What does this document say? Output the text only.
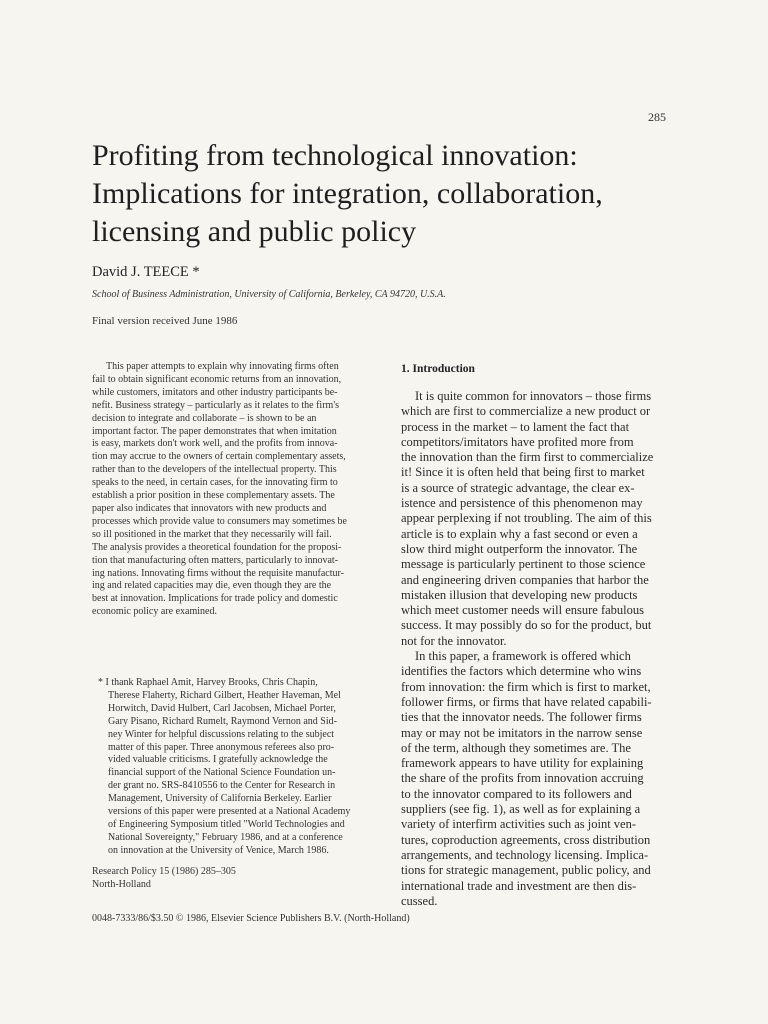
285
Profiting from technological innovation:
Implications for integration, collaboration,
licensing and public policy
David J. TEECE *
School of Business Administration, University of California, Berkeley, CA 94720, U.S.A.
Final version received June 1986
This paper attempts to explain why innovating firms often
fail to obtain significant economic returns from an innovation,
while customers, imitators and other industry participants be-
nefit. Business strategy – particularly as it relates to the firm's
decision to integrate and collaborate – is shown to be an
important factor. The paper demonstrates that when imitation
is easy, markets don't work well, and the profits from innova-
tion may accrue to the owners of certain complementary assets,
rather than to the developers of the intellectual property. This
speaks to the need, in certain cases, for the innovating firm to
establish a prior position in these complementary assets. The
paper also indicates that innovators with new products and
processes which provide value to consumers may sometimes be
so ill positioned in the market that they necessarily will fail.
The analysis provides a theoretical foundation for the proposi-
tion that manufacturing often matters, particularly to innovat-
ing nations. Innovating firms without the requisite manufactur-
ing and related capacities may die, even though they are the
best at innovation. Implications for trade policy and domestic
economic policy are examined.
* I thank Raphael Amit, Harvey Brooks, Chris Chapin,
Therese Flaherty, Richard Gilbert, Heather Haveman, Mel
Horwitch, David Hulbert, Carl Jacobsen, Michael Porter,
Gary Pisano, Richard Rumelt, Raymond Vernon and Sid-
ney Winter for helpful discussions relating to the subject
matter of this paper. Three anonymous referees also pro-
vided valuable criticisms. I gratefully acknowledge the
financial support of the National Science Foundation un-
der grant no. SRS-8410556 to the Center for Research in
Management, University of California Berkeley. Earlier
versions of this paper were presented at a National Academy
of Engineering Symposium titled "World Technologies and
National Sovereignty," February 1986, and at a conference
on innovation at the University of Venice, March 1986.
Research Policy 15 (1986) 285–305
North-Holland
0048-7333/86/$3.50 © 1986, Elsevier Science Publishers B.V. (North-Holland)
1. Introduction
It is quite common for innovators – those firms
which are first to commercialize a new product or
process in the market – to lament the fact that
competitors/imitators have profited more from
the innovation than the firm first to commercialize
it! Since it is often held that being first to market
is a source of strategic advantage, the clear ex-
istence and persistence of this phenomenon may
appear perplexing if not troubling. The aim of this
article is to explain why a fast second or even a
slow third might outperform the innovator. The
message is particularly pertinent to those science
and engineering driven companies that harbor the
mistaken illusion that developing new products
which meet customer needs will ensure fabulous
success. It may possibly do so for the product, but
not for the innovator.
In this paper, a framework is offered which
identifies the factors which determine who wins
from innovation: the firm which is first to market,
follower firms, or firms that have related capabili-
ties that the innovator needs. The follower firms
may or may not be imitators in the narrow sense
of the term, although they sometimes are. The
framework appears to have utility for explaining
the share of the profits from innovation accruing
to the innovator compared to its followers and
suppliers (see fig. 1), as well as for explaining a
variety of interfirm activities such as joint ven-
tures, coproduction agreements, cross distribution
arrangements, and technology licensing. Implica-
tions for strategic management, public policy, and
international trade and investment are then dis-
cussed.
